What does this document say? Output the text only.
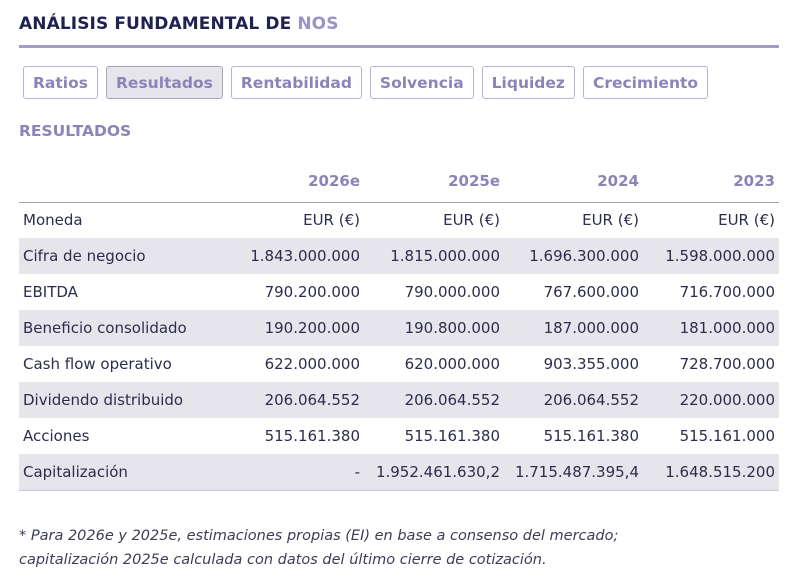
ANÁLISIS FUNDAMENTAL DE NOS
Ratios	Resultados	Rentabilidad	Solvencia	Liquidez	Crecimiento
RESULTADOS
	2026e	2025e	2024	2023
Moneda	EUR (€)	EUR (€)	EUR (€)	EUR (€)
Cifra de negocio	1.843.000.000	1.815.000.000	1.696.300.000	1.598.000.000
EBITDA	790.200.000	790.000.000	767.600.000	716.700.000
Beneficio consolidado	190.200.000	190.800.000	187.000.000	181.000.000
Cash flow operativo	622.000.000	620.000.000	903.355.000	728.700.000
Dividendo distribuido	206.064.552	206.064.552	206.064.552	220.000.000
Acciones	515.161.380	515.161.380	515.161.380	515.161.000
Capitalización	-	1.952.461.630,2	1.715.487.395,4	1.648.515.200
* Para 2026e y 2025e, estimaciones propias (EI) en base a consenso del mercado;
capitalización 2025e calculada con datos del último cierre de cotización.
